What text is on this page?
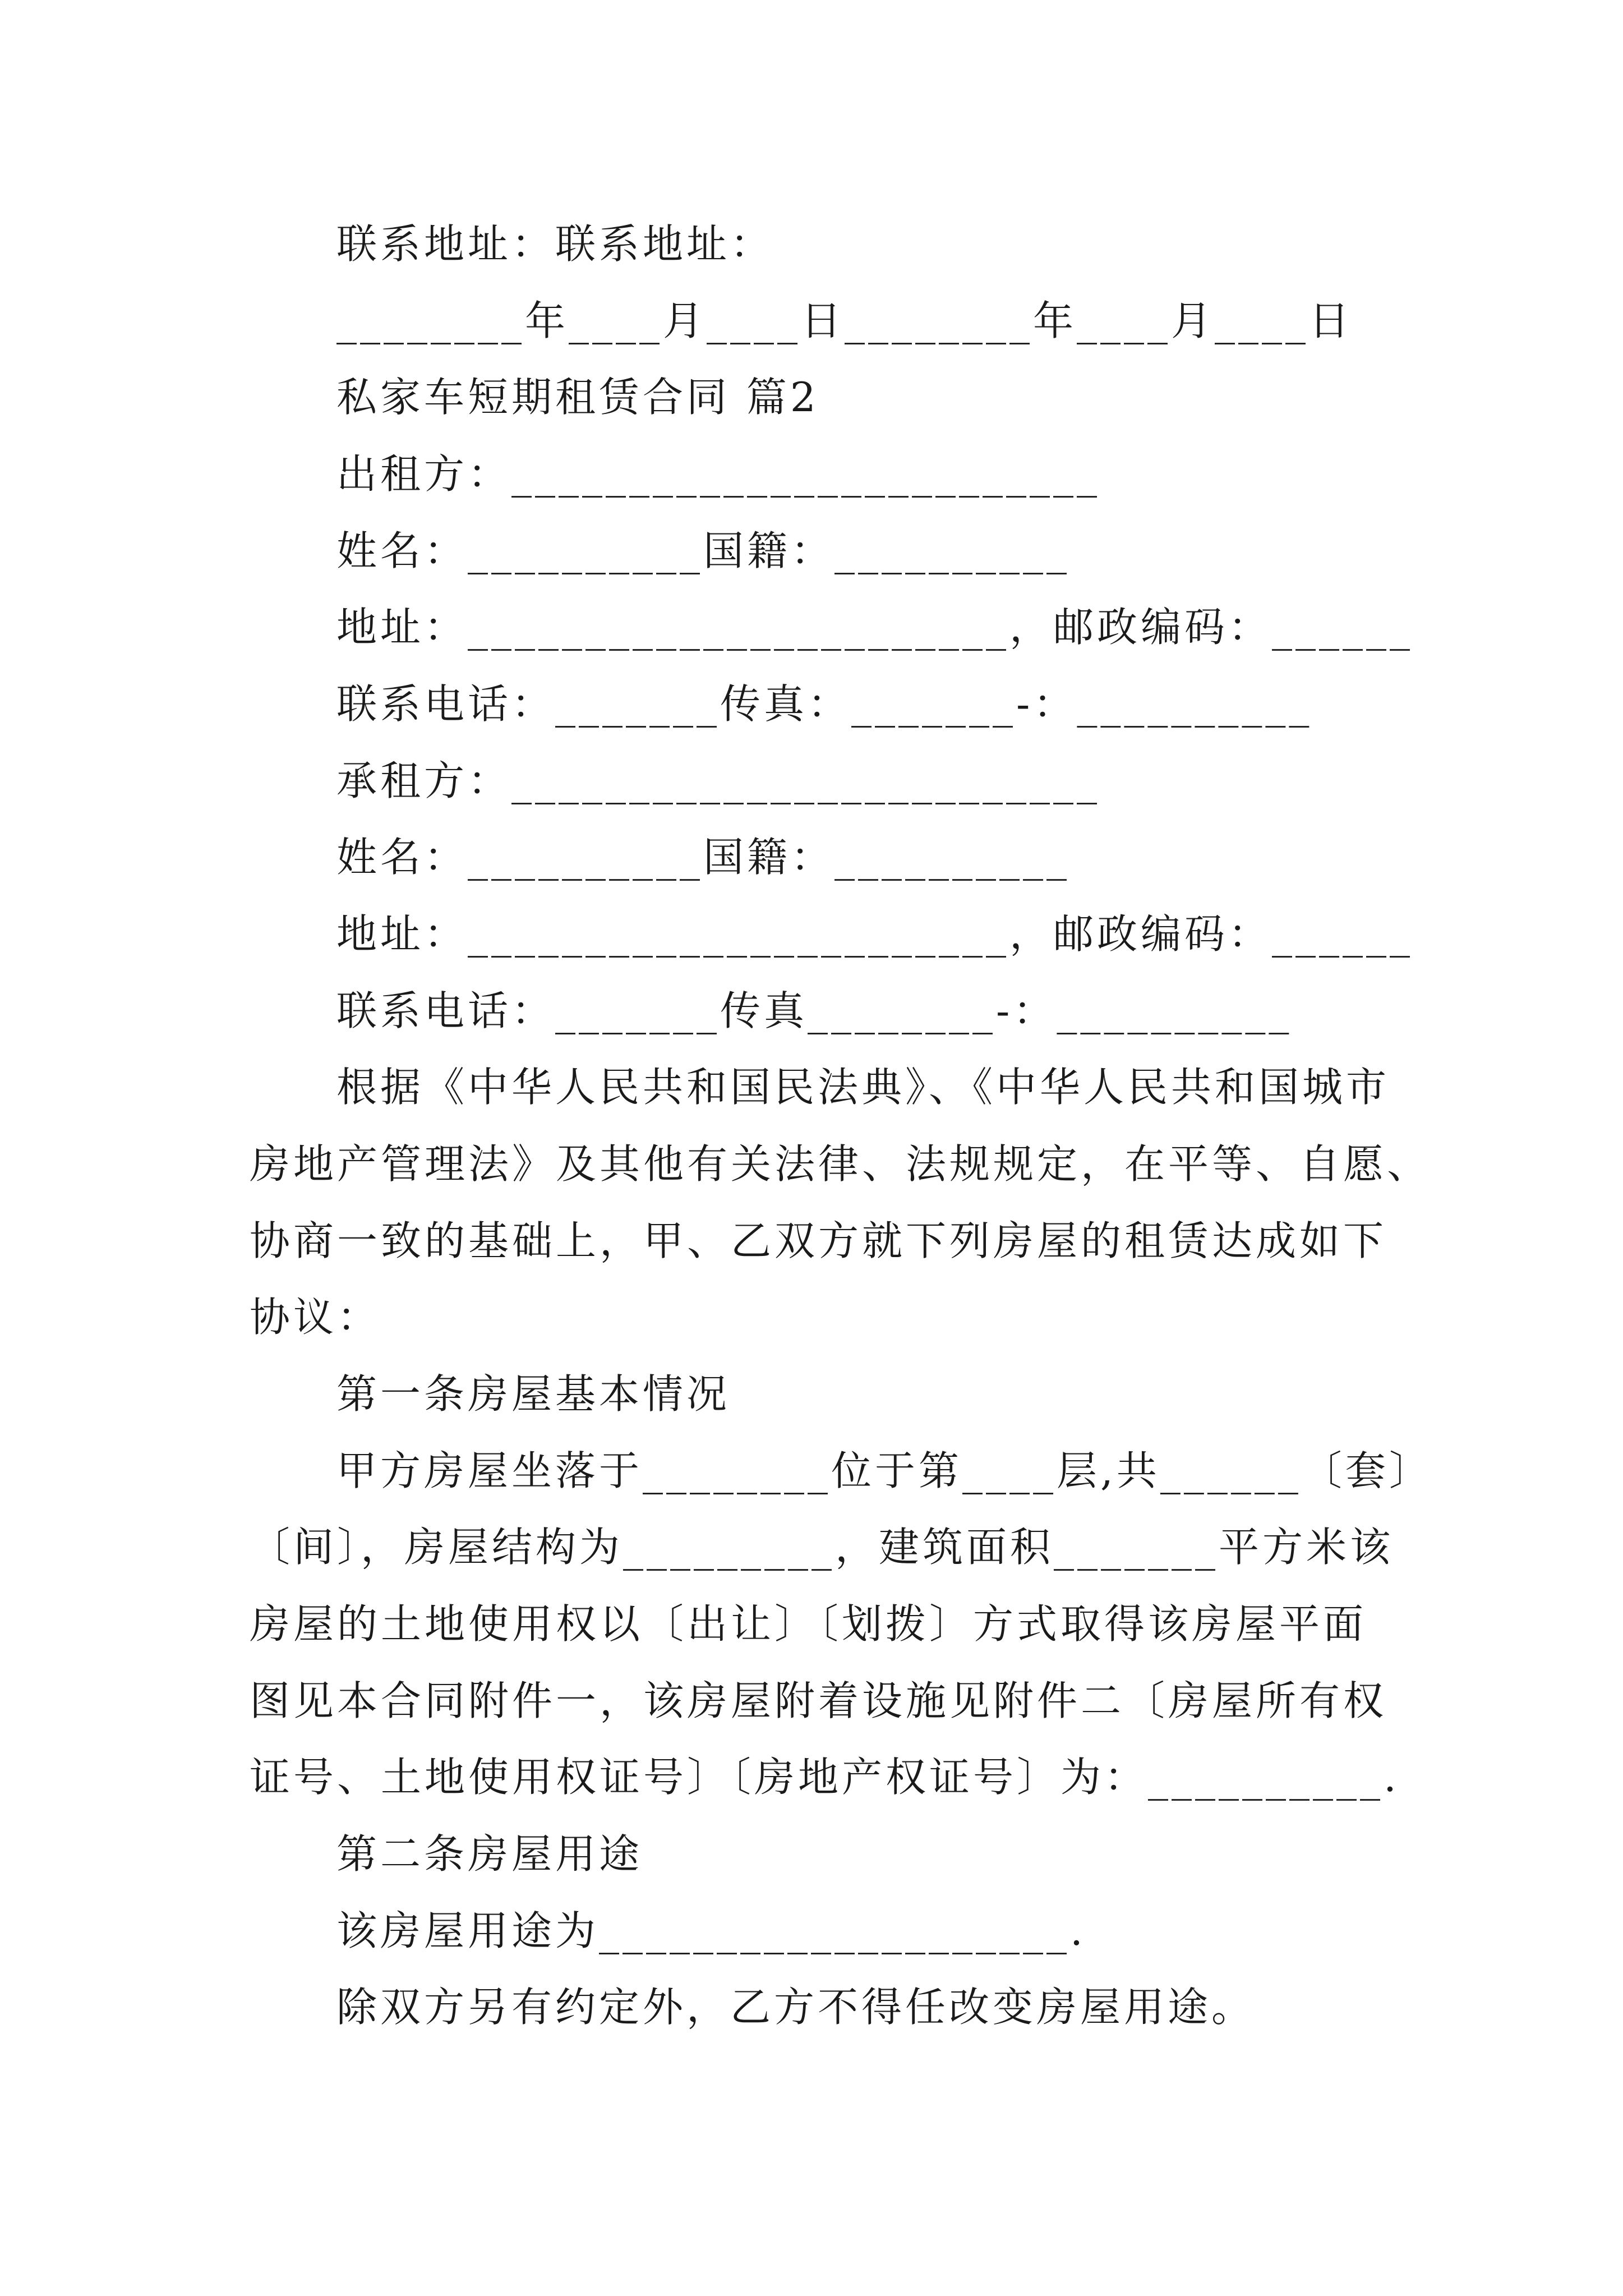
联系地址：联系地址：
________年____月____日________年____月____日
私家车短期租赁合同 篇2
出租方：_________________________
姓名：__________国籍：__________
地址：_______________________，邮政编码：______
联系电话：_______传真：_______-：__________
承租方：_________________________
姓名：__________国籍：__________
地址：_______________________，邮政编码：______
联系电话：_______传真________-：__________
根据《中华人民共和国民法典》、《中华人民共和国城市
房地产管理法》及其他有关法律、法规规定，在平等、自愿、
协商一致的基础上，甲、乙双方就下列房屋的租赁达成如下
协议：
第一条房屋基本情况
甲方房屋坐落于________位于第____层,共______〔套〕
〔间〕，房屋结构为_________，建筑面积_______平方米该
房屋的土地使用权以〔出让〕〔划拨〕方式取得该房屋平面
图见本合同附件一，该房屋附着设施见附件二〔房屋所有权
证号、土地使用权证号〕〔房地产权证号〕为：__________.
第二条房屋用途
该房屋用途为____________________.
除双方另有约定外，乙方不得任改变房屋用途。
